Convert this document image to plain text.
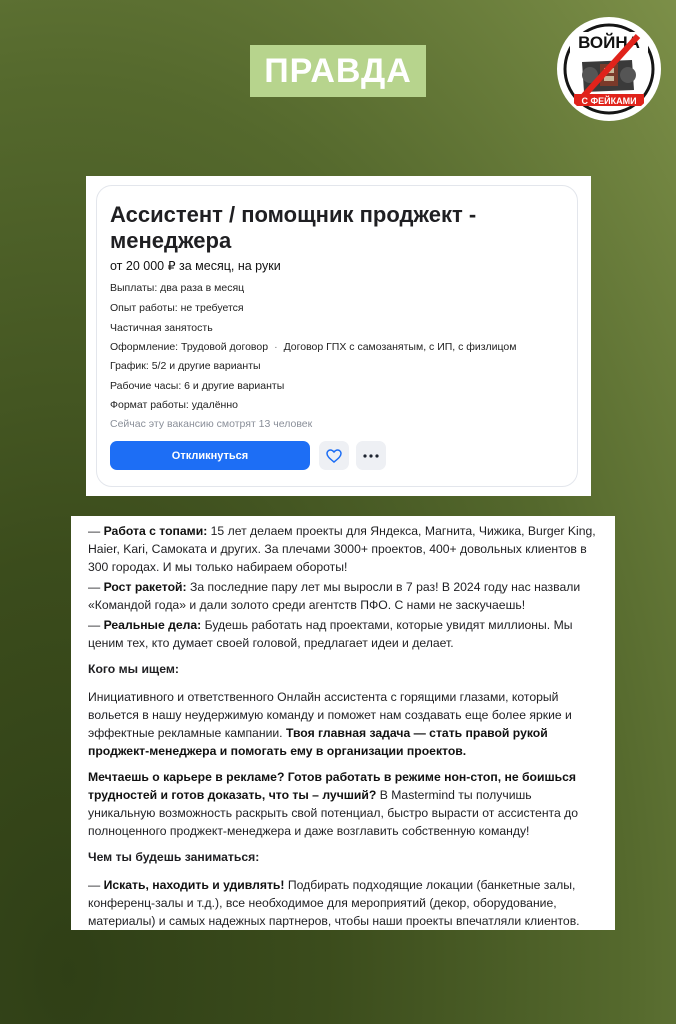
ПРАВДА
ВОЙНА
С ФЕЙКАМИ
Ассистент / помощник проджект - менеджера
от 20 000 ₽ за месяц, на руки
Выплаты: два раза в месяц
Опыт работы: не требуется
Частичная занятость
Оформление: Трудовой договор · Договор ГПХ с самозанятым, с ИП, с физлицом
График: 5/2 и другие варианты
Рабочие часы: 6 и другие варианты
Формат работы: удалённо
Сейчас эту вакансию смотрят 13 человек
Откликнуться

— Работа с топами: 15 лет делаем проекты для Яндекса, Магнита, Чижика, Burger King, Haier, Kari, Самоката и других. За плечами 3000+ проектов, 400+ довольных клиентов в 300 городах. И мы только набираем обороты!

— Рост ракетой: За последние пару лет мы выросли в 7 раз! В 2024 году нас назвали «Командой года» и дали золото среди агентств ПФО. С нами не заскучаешь!

— Реальные дела: Будешь работать над проектами, которые увидят миллионы. Мы ценим тех, кто думает своей головой, предлагает идеи и делает.

Кого мы ищем:

Инициативного и ответственного Онлайн ассистента с горящими глазами, который вольется в нашу неудержимую команду и поможет нам создавать еще более яркие и эффектные рекламные кампании. Твоя главная задача — стать правой рукой проджект-менеджера и помогать ему в организации проектов.

Мечтаешь о карьере в рекламе? Готов работать в режиме нон-стоп, не боишься трудностей и готов доказать, что ты – лучший? В Mastermind ты получишь уникальную возможность раскрыть свой потенциал, быстро вырасти от ассистента до полноценного проджект-менеджера и даже возглавить собственную команду!

Чем ты будешь заниматься:

— Искать, находить и удивлять! Подбирать подходящие локации (банкетные залы, конференц-залы и т.д.), все необходимое для мероприятий (декор, оборудование, материалы) и самых надежных партнеров, чтобы наши проекты впечатляли клиентов.
